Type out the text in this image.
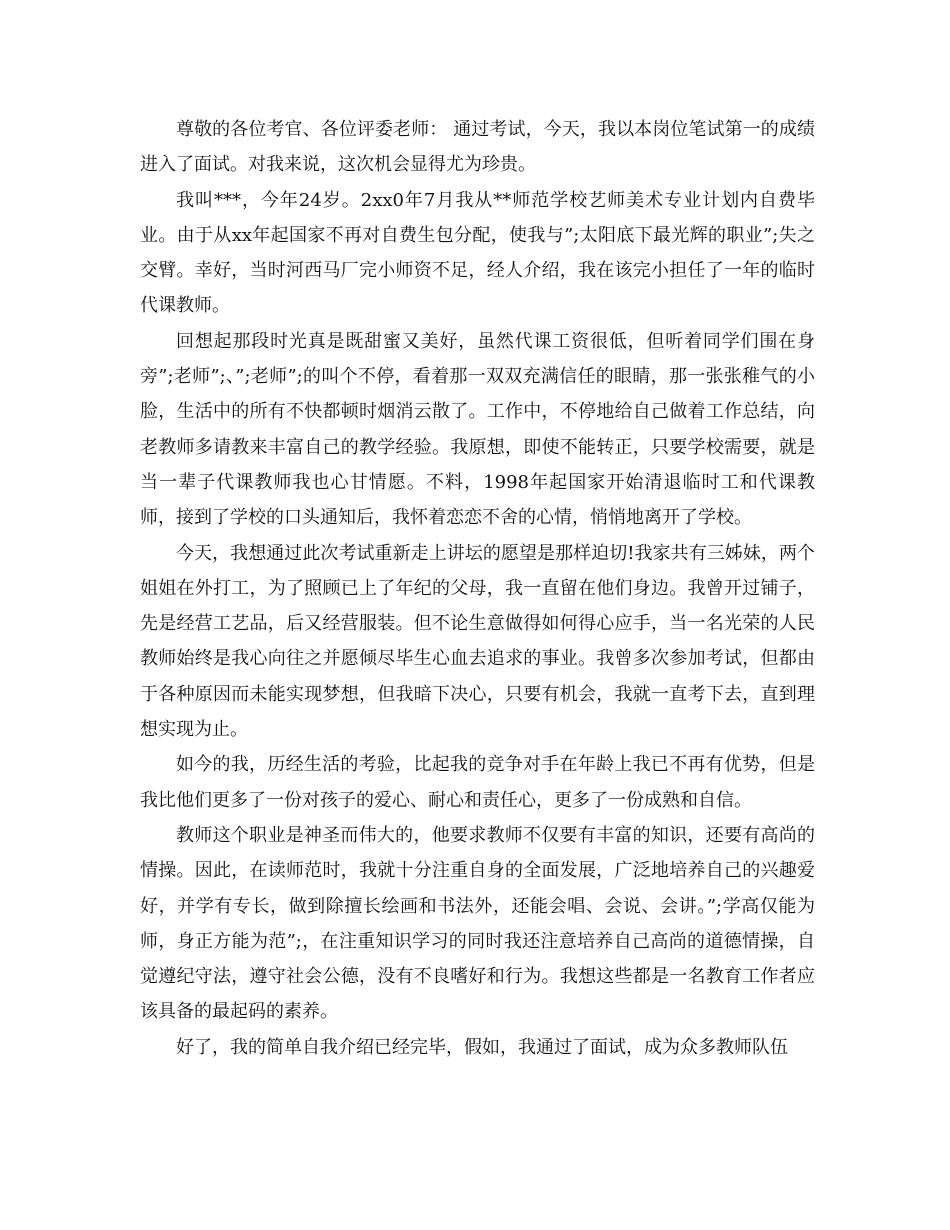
尊敬的各位考官、各位评委老师： 通过考试，今天，我以本岗位笔试第一的成绩进入了面试。对我来说，这次机会显得尤为珍贵。

我叫***，今年24岁。2xx0年7月我从**师范学校艺师美术专业计划内自费毕业。由于从xx年起国家不再对自费生包分配，使我与”;太阳底下最光辉的职业”;失之交臂。幸好，当时河西马厂完小师资不足，经人介绍，我在该完小担任了一年的临时代课教师。

回想起那段时光真是既甜蜜又美好，虽然代课工资很低，但听着同学们围在身旁”;老师”;、”;老师”;的叫个不停，看着那一双双充满信任的眼睛，那一张张稚气的小脸，生活中的所有不快都顿时烟消云散了。工作中，不停地给自己做着工作总结，向老教师多请教来丰富自己的教学经验。我原想，即使不能转正，只要学校需要，就是当一辈子代课教师我也心甘情愿。不料，1998年起国家开始清退临时工和代课教师，接到了学校的口头通知后，我怀着恋恋不舍的心情，悄悄地离开了学校。

今天，我想通过此次考试重新走上讲坛的愿望是那样迫切!我家共有三姊妹，两个姐姐在外打工，为了照顾已上了年纪的父母，我一直留在他们身边。我曾开过铺子，先是经营工艺品，后又经营服装。但不论生意做得如何得心应手，当一名光荣的人民教师始终是我心向往之并愿倾尽毕生心血去追求的事业。我曾多次参加考试，但都由于各种原因而未能实现梦想，但我暗下决心，只要有机会，我就一直考下去，直到理想实现为止。

如今的我，历经生活的考验，比起我的竞争对手在年龄上我已不再有优势，但是我比他们更多了一份对孩子的爱心、耐心和责任心，更多了一份成熟和自信。

教师这个职业是神圣而伟大的，他要求教师不仅要有丰富的知识，还要有高尚的情操。因此，在读师范时，我就十分注重自身的全面发展，广泛地培养自己的兴趣爱好，并学有专长，做到除擅长绘画和书法外，还能会唱、会说、会讲。”;学高仅能为师，身正方能为范”;，在注重知识学习的同时我还注意培养自己高尚的道德情操，自觉遵纪守法，遵守社会公德，没有不良嗜好和行为。我想这些都是一名教育工作者应该具备的最起码的素养。

好了，我的简单自我介绍已经完毕，假如，我通过了面试，成为众多教师队伍
